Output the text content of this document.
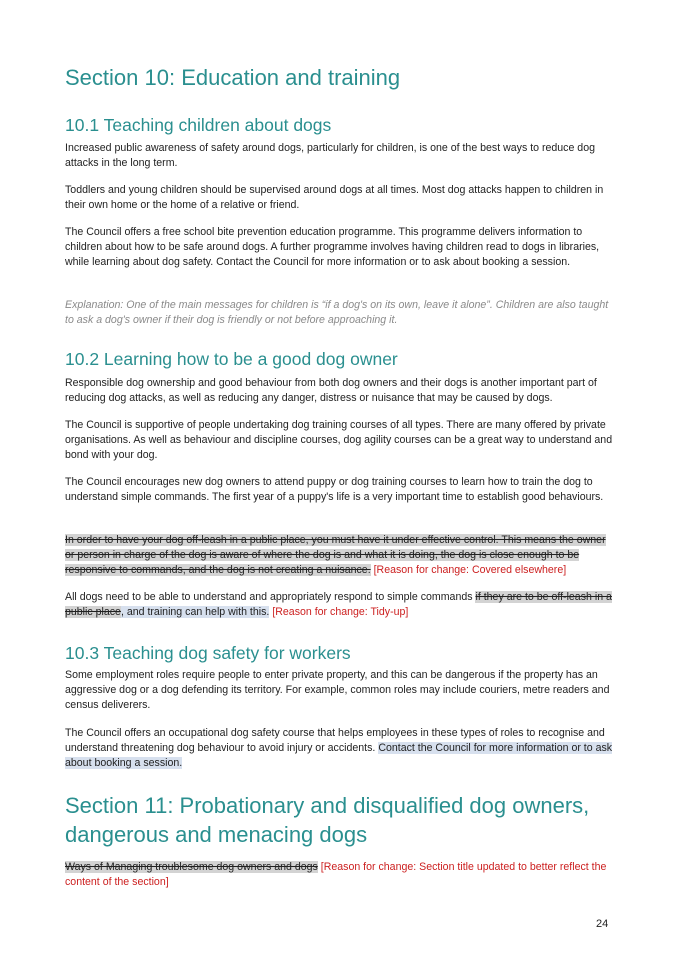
Section 10: Education and training
10.1 Teaching children about dogs

Increased public awareness of safety around dogs, particularly for children, is one of the best ways to reduce dog attacks in the long term.

Toddlers and young children should be supervised around dogs at all times. Most dog attacks happen to children in their own home or the home of a relative or friend.

The Council offers a free school bite prevention education programme. This programme delivers information to children about how to be safe around dogs. A further programme involves having children read to dogs in libraries, while learning about dog safety. Contact the Council for more information or to ask about booking a session.

Explanation: One of the main messages for children is “if a dog's on its own, leave it alone”. Children are also taught to ask a dog's owner if their dog is friendly or not before approaching it.

10.2 Learning how to be a good dog owner

Responsible dog ownership and good behaviour from both dog owners and their dogs is another important part of reducing dog attacks, as well as reducing any danger, distress or nuisance that may be caused by dogs.

The Council is supportive of people undertaking dog training courses of all types. There are many offered by private organisations. As well as behaviour and discipline courses, dog agility courses can be a great way to understand and bond with your dog.

The Council encourages new dog owners to attend puppy or dog training courses to learn how to train the dog to understand simple commands. The first year of a puppy's life is a very important time to establish good behaviours.

In order to have your dog off-leash in a public place, you must have it under effective control. This means the owner or person in charge of the dog is aware of where the dog is and what it is doing, the dog is close enough to be responsive to commands, and the dog is not creating a nuisance. [Reason for change: Covered elsewhere]

All dogs need to be able to understand and appropriately respond to simple commands if they are to be off-leash in a public place, and training can help with this. [Reason for change: Tidy-up]

10.3 Teaching dog safety for workers

Some employment roles require people to enter private property, and this can be dangerous if the property has an aggressive dog or a dog defending its territory. For example, common roles may include couriers, metre readers and census deliverers.

The Council offers an occupational dog safety course that helps employees in these types of roles to recognise and understand threatening dog behaviour to avoid injury or accidents. Contact the Council for more information or to ask about booking a session.

Section 11: Probationary and disqualified dog owners, dangerous and menacing dogs

Ways of Managing troublesome dog owners and dogs [Reason for change: Section title updated to better reflect the content of the section]

24
